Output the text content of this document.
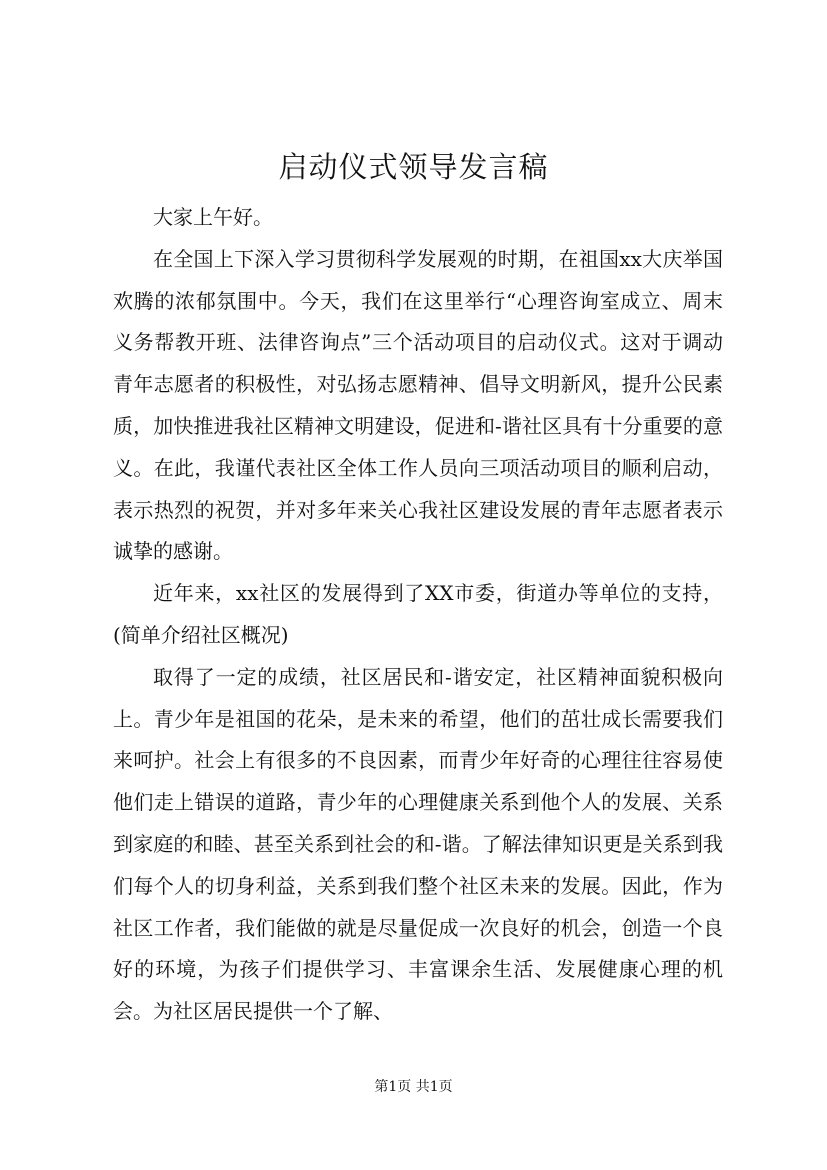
启动仪式领导发言稿

大家上午好。

在全国上下深入学习贯彻科学发展观的时期，在祖国xx大庆举国欢腾的浓郁氛围中。今天，我们在这里举行“心理咨询室成立、周末义务帮教开班、法律咨询点”三个活动项目的启动仪式。这对于调动青年志愿者的积极性，对弘扬志愿精神、倡导文明新风，提升公民素质，加快推进我社区精神文明建设，促进和-谐社区具有十分重要的意义。在此，我谨代表社区全体工作人员向三项活动项目的顺利启动，表示热烈的祝贺，并对多年来关心我社区建设发展的青年志愿者表示诚挚的感谢。

近年来，xx社区的发展得到了XX市委，街道办等单位的支持，(简单介绍社区概况)

取得了一定的成绩，社区居民和-谐安定，社区精神面貌积极向上。青少年是祖国的花朵，是未来的希望，他们的茁壮成长需要我们来呵护。社会上有很多的不良因素，而青少年好奇的心理往往容易使他们走上错误的道路，青少年的心理健康关系到他个人的发展、关系到家庭的和睦、甚至关系到社会的和-谐。了解法律知识更是关系到我们每个人的切身利益，关系到我们整个社区未来的发展。因此，作为社区工作者，我们能做的就是尽量促成一次良好的机会，创造一个良好的环境，为孩子们提供学习、丰富课余生活、发展健康心理的机会。为社区居民提供一个了解、

第1页 共1页
